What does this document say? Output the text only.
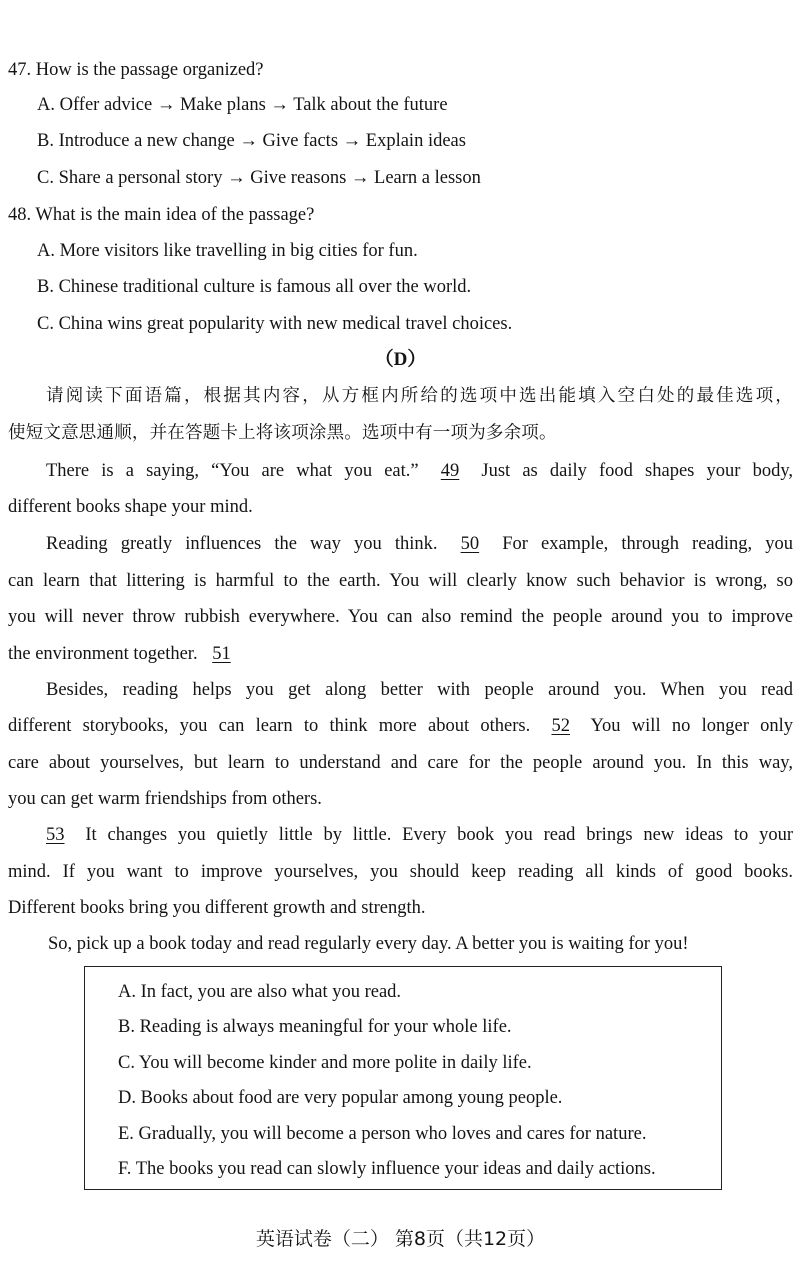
47. How is the passage organized?
A. Offer advice → Make plans → Talk about the future
B. Introduce a new change → Give facts → Explain ideas
C. Share a personal story → Give reasons → Learn a lesson
48. What is the main idea of the passage?
A. More visitors like travelling in big cities for fun.
B. Chinese traditional culture is famous all over the world.
C. China wins great popularity with new medical travel choices.
（D）
请阅读下面语篇，根据其内容，从方框内所给的选项中选出能填入空白处的最佳选项，
使短文意思通顺，并在答题卡上将该项涂黑。选项中有一项为多余项。
There is a saying, “You are what you eat.” 49 Just as daily food shapes your body,
different books shape your mind.
Reading greatly influences the way you think. 50 For example, through reading, you
can learn that littering is harmful to the earth. You will clearly know such behavior is wrong, so
you will never throw rubbish everywhere. You can also remind the people around you to improve
the environment together. 51
Besides, reading helps you get along better with people around you. When you read
different storybooks, you can learn to think more about others. 52 You will no longer only
care about yourselves, but learn to understand and care for the people around you. In this way,
you can get warm friendships from others.
53 It changes you quietly little by little. Every book you read brings new ideas to your
mind. If you want to improve yourselves, you should keep reading all kinds of good books.
Different books bring you different growth and strength.
So, pick up a book today and read regularly every day. A better you is waiting for you!
A. In fact, you are also what you read.
B. Reading is always meaningful for your whole life.
C. You will become kinder and more polite in daily life.
D. Books about food are very popular among young people.
E. Gradually, you will become a person who loves and cares for nature.
F. The books you read can slowly influence your ideas and daily actions.
英语试卷（二） 第8页（共12页）
